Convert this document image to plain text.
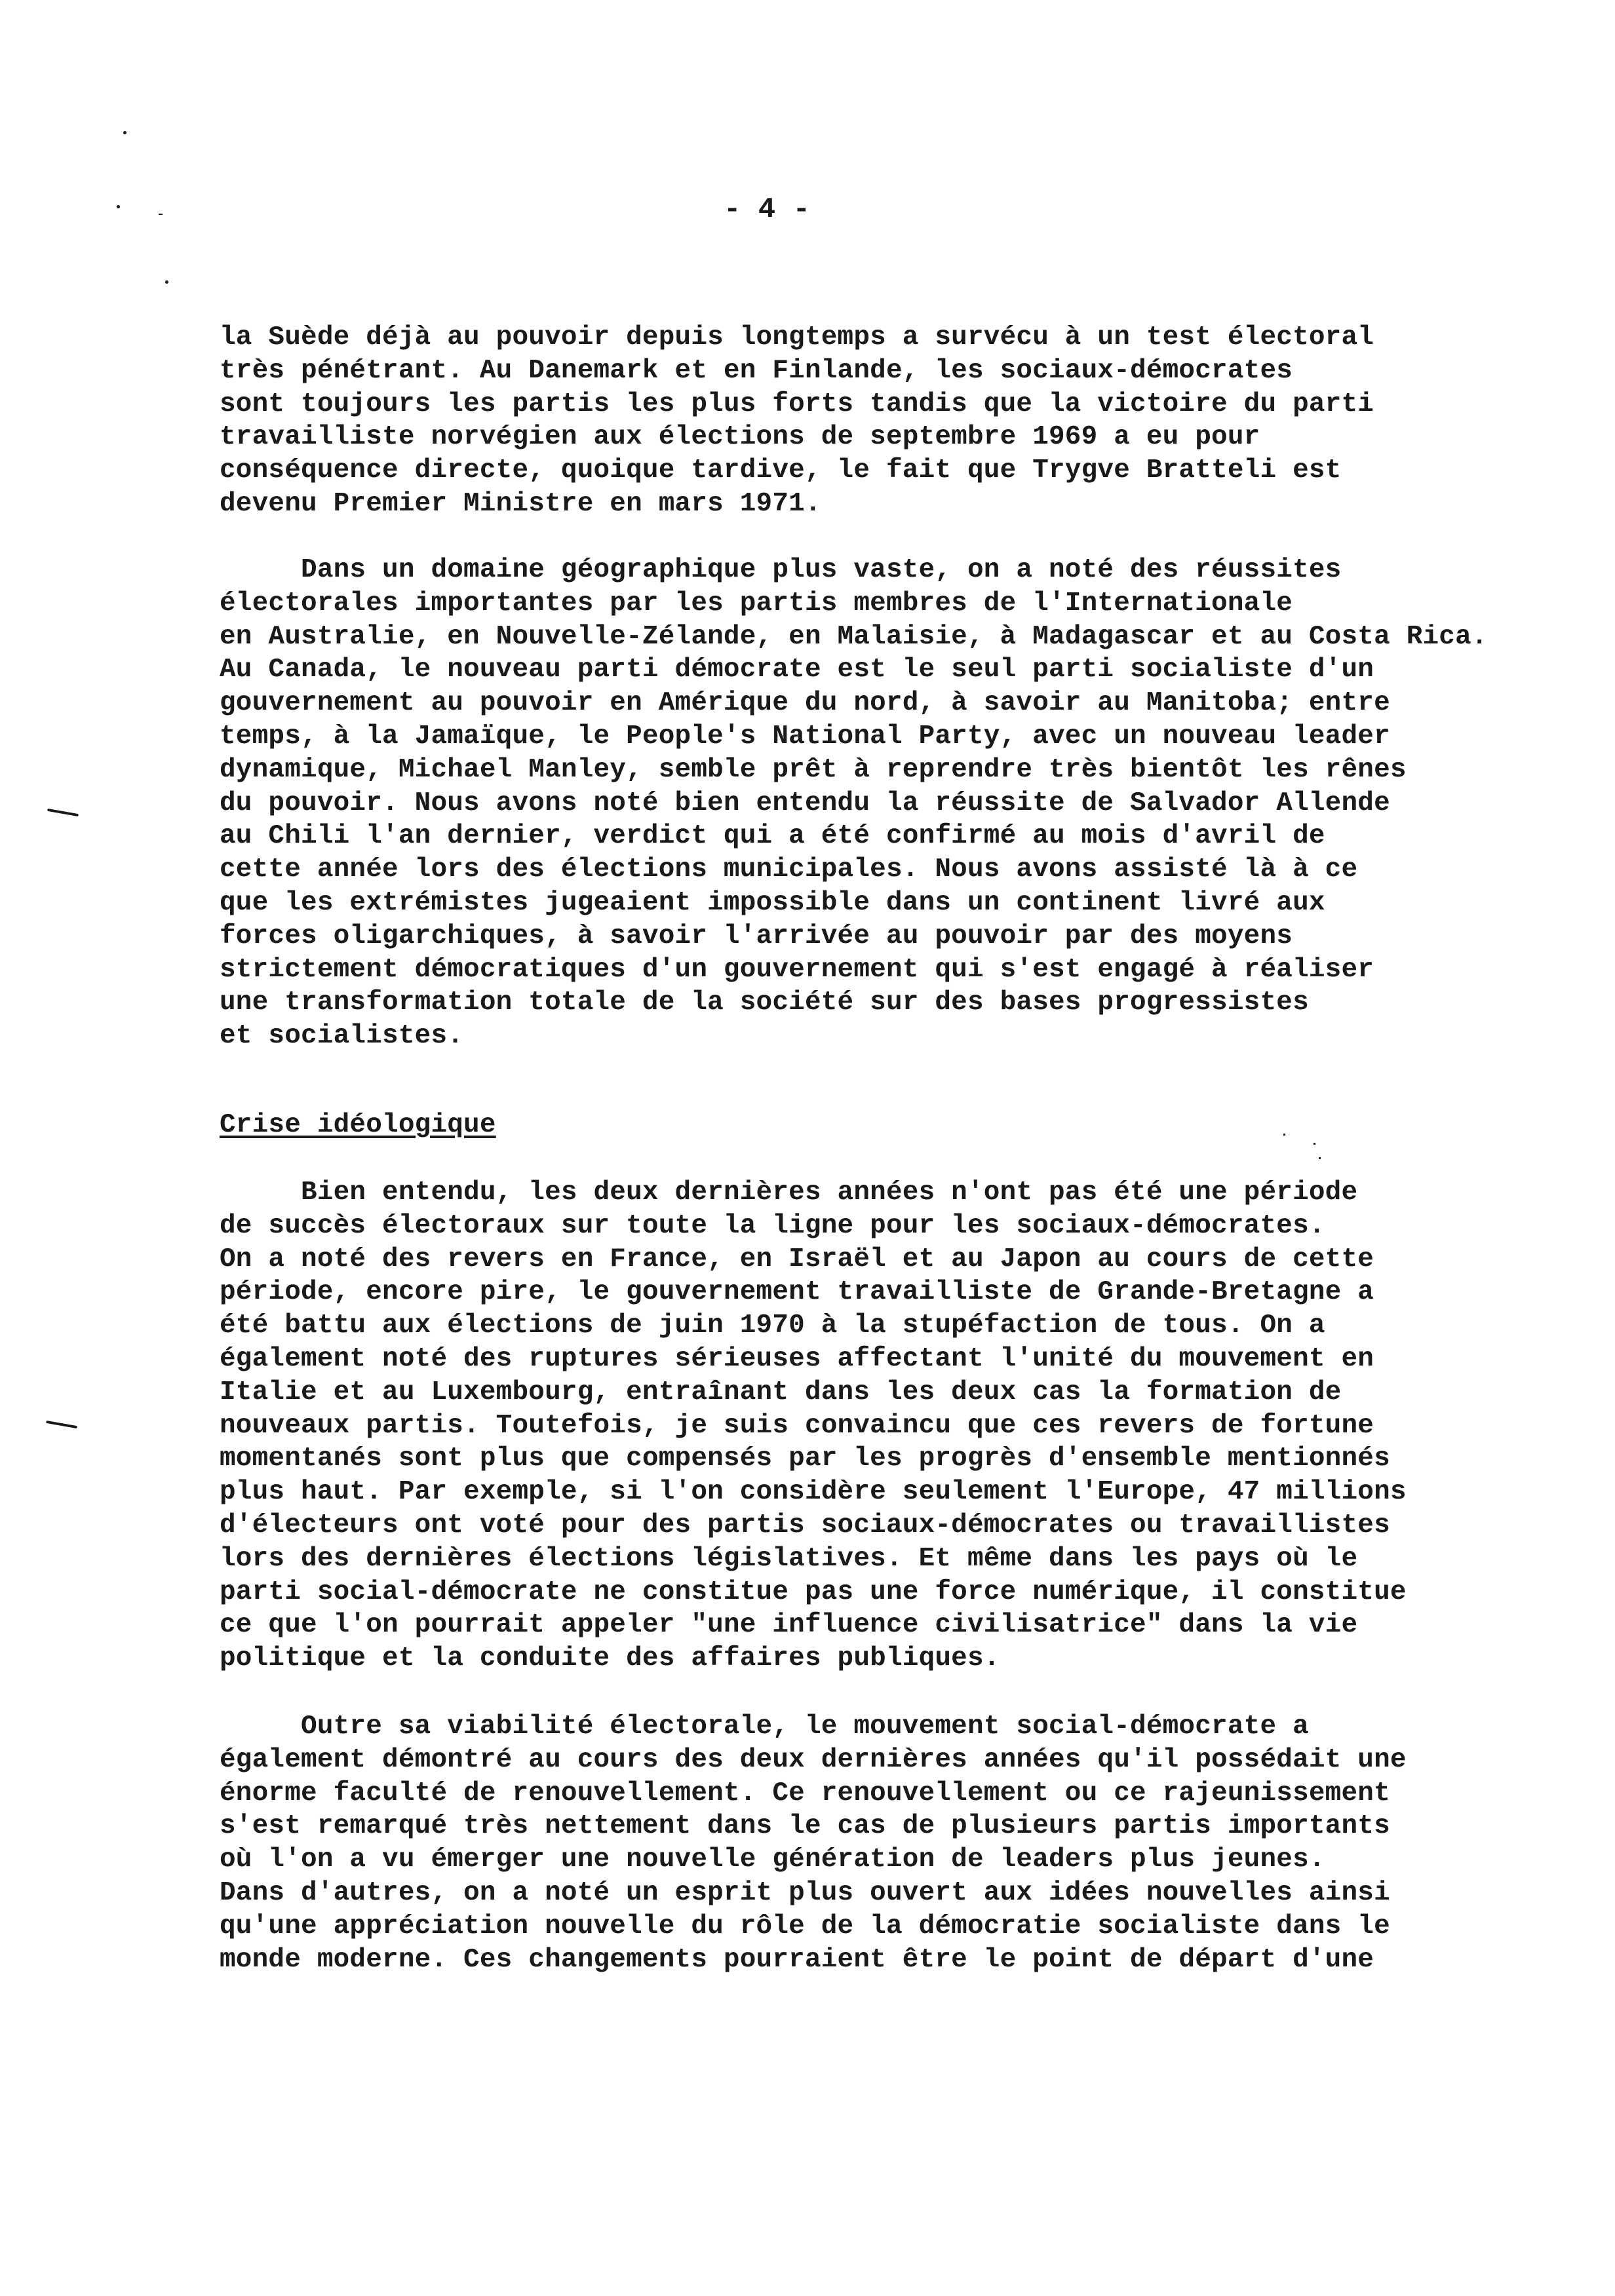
- 4 -

la Suède déjà au pouvoir depuis longtemps a survécu à un test électoral
très pénétrant. Au Danemark et en Finlande, les sociaux-démocrates
sont toujours les partis les plus forts tandis que la victoire du parti
travailliste norvégien aux élections de septembre 1969 a eu pour
conséquence directe, quoique tardive, le fait que Trygve Bratteli est
devenu Premier Ministre en mars 1971.

Dans un domaine géographique plus vaste, on a noté des réussites
électorales importantes par les partis membres de l'Internationale
en Australie, en Nouvelle-Zélande, en Malaisie, à Madagascar et au Costa Rica.
Au Canada, le nouveau parti démocrate est le seul parti socialiste d'un
gouvernement au pouvoir en Amérique du nord, à savoir au Manitoba; entre
temps, à la Jamaïque, le People's National Party, avec un nouveau leader
dynamique, Michael Manley, semble prêt à reprendre très bientôt les rênes
du pouvoir. Nous avons noté bien entendu la réussite de Salvador Allende
au Chili l'an dernier, verdict qui a été confirmé au mois d'avril de
cette année lors des élections municipales. Nous avons assisté là à ce
que les extrémistes jugeaient impossible dans un continent livré aux
forces oligarchiques, à savoir l'arrivée au pouvoir par des moyens
strictement démocratiques d'un gouvernement qui s'est engagé à réaliser
une transformation totale de la société sur des bases progressistes
et socialistes.

Crise idéologique

Bien entendu, les deux dernières années n'ont pas été une période
de succès électoraux sur toute la ligne pour les sociaux-démocrates.
On a noté des revers en France, en Israël et au Japon au cours de cette
période, encore pire, le gouvernement travailliste de Grande-Bretagne a
été battu aux élections de juin 1970 à la stupéfaction de tous. On a
également noté des ruptures sérieuses affectant l'unité du mouvement en
Italie et au Luxembourg, entraînant dans les deux cas la formation de
nouveaux partis. Toutefois, je suis convaincu que ces revers de fortune
momentanés sont plus que compensés par les progrès d'ensemble mentionnés
plus haut. Par exemple, si l'on considère seulement l'Europe, 47 millions
d'électeurs ont voté pour des partis sociaux-démocrates ou travaillistes
lors des dernières élections législatives. Et même dans les pays où le
parti social-démocrate ne constitue pas une force numérique, il constitue
ce que l'on pourrait appeler "une influence civilisatrice" dans la vie
politique et la conduite des affaires publiques.

Outre sa viabilité électorale, le mouvement social-démocrate a
également démontré au cours des deux dernières années qu'il possédait une
énorme faculté de renouvellement. Ce renouvellement ou ce rajeunissement
s'est remarqué très nettement dans le cas de plusieurs partis importants
où l'on a vu émerger une nouvelle génération de leaders plus jeunes.
Dans d'autres, on a noté un esprit plus ouvert aux idées nouvelles ainsi
qu'une appréciation nouvelle du rôle de la démocratie socialiste dans le
monde moderne. Ces changements pourraient être le point de départ d'une
